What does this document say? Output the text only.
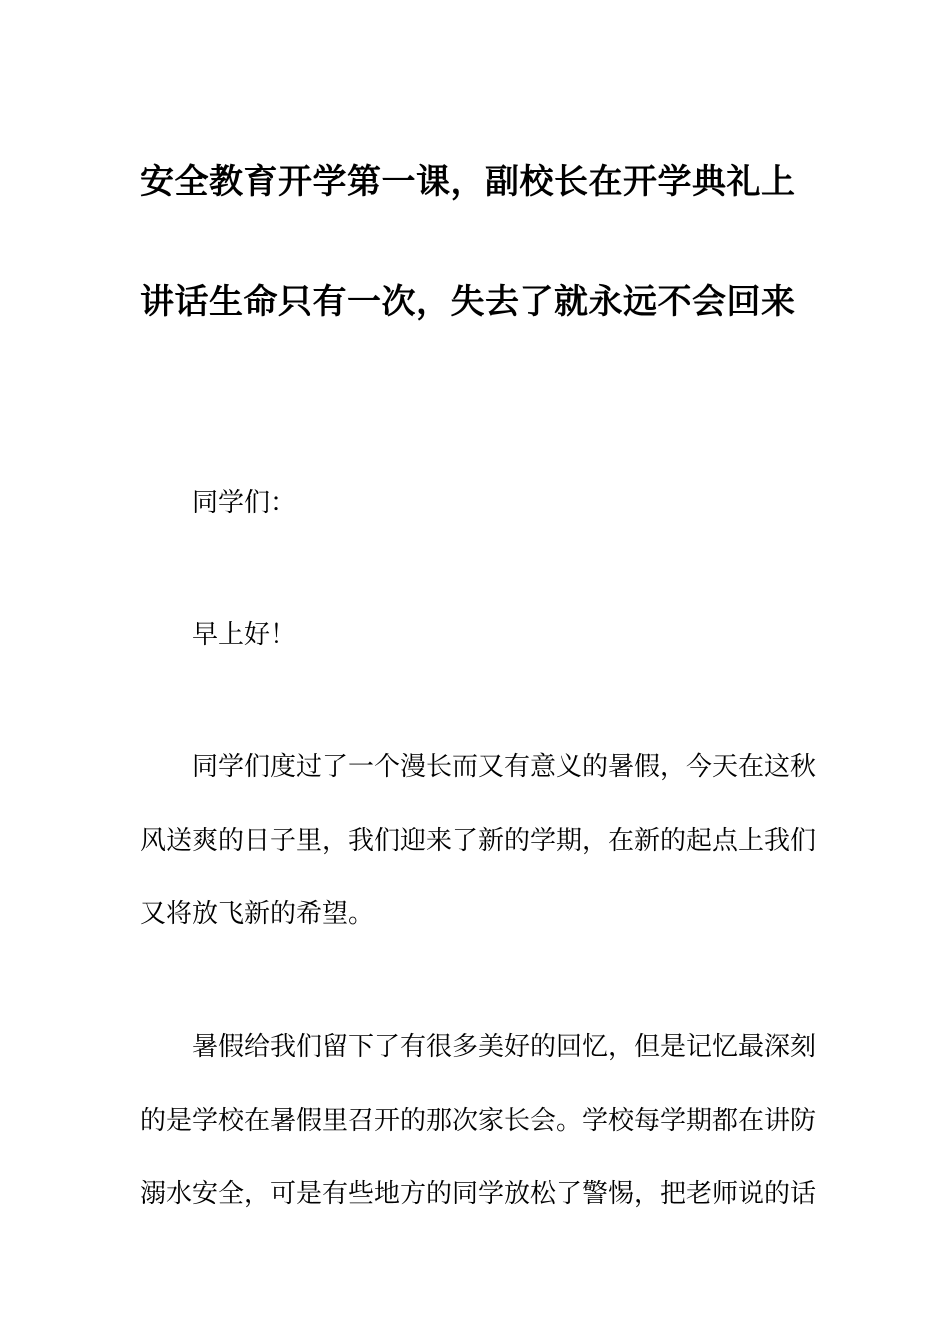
安全教育开学第一课，副校长在开学典礼上
讲话生命只有一次，失去了就永远不会回来
同学们：
早上好！
同学们度过了一个漫长而又有意义的暑假，今天在这秋
风送爽的日子里，我们迎来了新的学期，在新的起点上我们
又将放飞新的希望。
暑假给我们留下了有很多美好的回忆，但是记忆最深刻
的是学校在暑假里召开的那次家长会。学校每学期都在讲防
溺水安全，可是有些地方的同学放松了警惕，把老师说的话
